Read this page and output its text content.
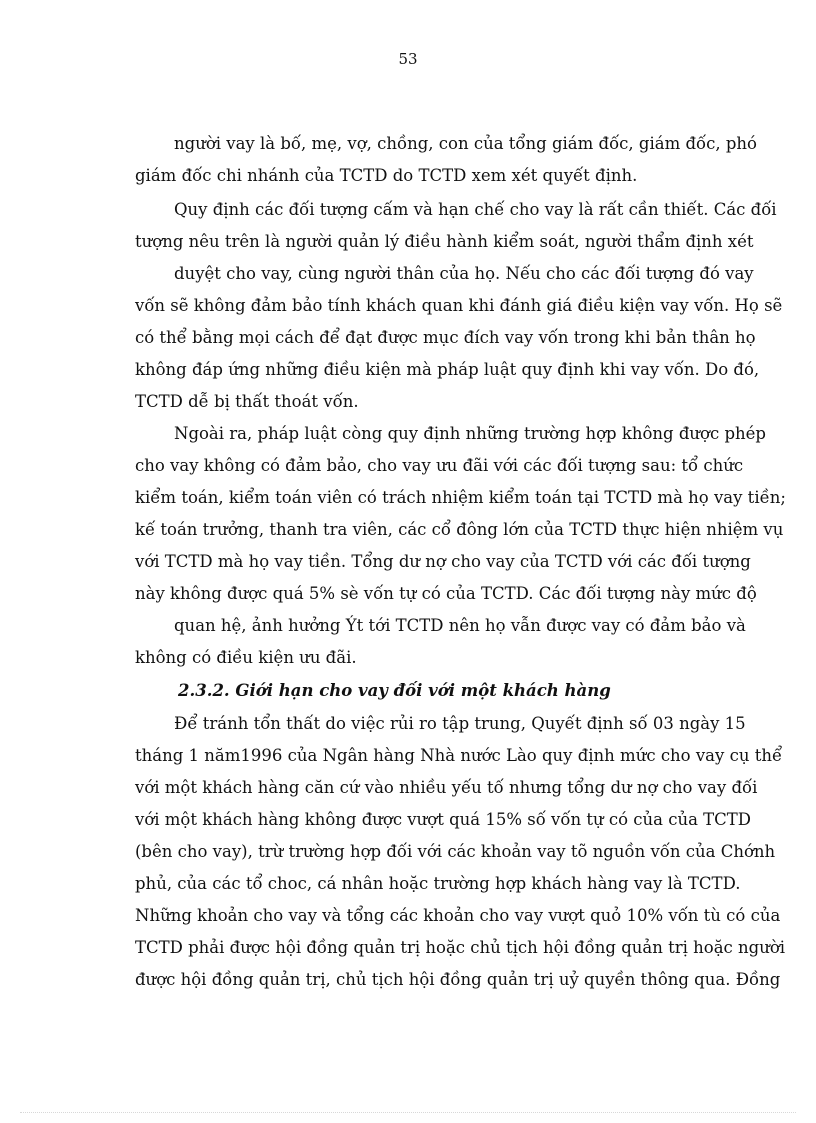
53
người vay là bố, mẹ, vợ, chồng, con của tổng giám đốc, giám đốc, phó
giám đốc chi nhánh của TCTD do TCTD xem xét quyết định.
Quy định các đối tượng cấm và hạn chế cho vay là rất cần thiết. Các đối
tượng nêu trên là người quản lý điều hành kiểm soát, người thẩm định xét
duyệt cho vay, cùng người thân của họ. Nếu cho các đối tượng đó vay
vốn sẽ không đảm bảo tính khách quan khi đánh giá điều kiện vay vốn. Họ sẽ
có thể bằng mọi cách để đạt được mục đích vay vốn trong khi bản thân họ
không đáp ứng những điều kiện mà pháp luật quy định khi vay vốn. Do đó,
TCTD dễ bị thất thoát vốn.
Ngoài ra, pháp luật còng quy định những trường hợp không được phép
cho vay không có đảm bảo, cho vay ưu đãi với các đối tượng sau: tổ chức
kiểm toán, kiểm toán viên có trách nhiệm kiểm toán tại TCTD mà họ vay tiền;
kế toán trưởng, thanh tra viên, các cổ đông lớn của TCTD thực hiện nhiệm vụ
với TCTD mà họ vay tiền. Tổng dư nợ cho vay của TCTD với các đối tượng
này không được quá 5% sè vốn tự có của TCTD. Các đối tượng này mức độ
quan hệ, ảnh hưởng Ýt tới TCTD nên họ vẫn được vay có đảm bảo và
không có điều kiện ưu đãi.
2.3.2. Giới hạn cho vay đối với một khách hàng
Để tránh tổn thất do việc rủi ro tập trung, Quyết định số 03 ngày 15
tháng 1 năm1996 của Ngân hàng Nhà nước Lào quy định mức cho vay cụ thể
với một khách hàng căn cứ vào nhiều yếu tố nhưng tổng dư nợ cho vay đối
với một khách hàng không được vượt quá 15% số vốn tự có của của TCTD
(bên cho vay), trừ trường hợp đối với các khoản vay tõ nguồn vốn của Chớnh
phủ, của các tổ choc, cá nhân hoặc trường hợp khách hàng vay là TCTD.
Những khoản cho vay và tổng các khoản cho vay vượt quỏ 10% vốn tù có của
TCTD phải được hội đồng quản trị hoặc chủ tịch hội đồng quản trị hoặc người
được hội đồng quản trị, chủ tịch hội đồng quản trị uỷ quyền thông qua. Đồng
